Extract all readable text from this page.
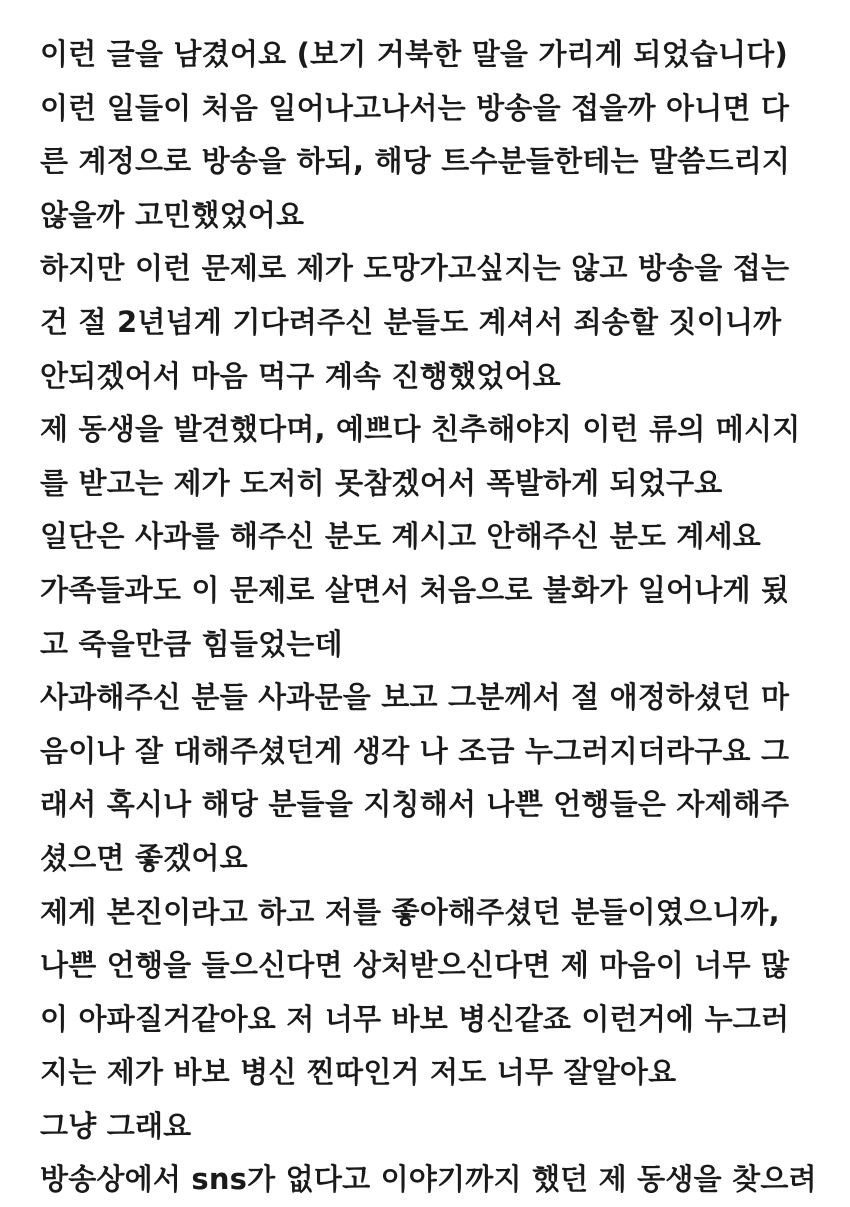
이런 글을 남겼어요 (보기 거북한 말을 가리게 되었습니다)
이런 일들이 처음 일어나고나서는 방송을 접을까 아니면 다
른 계정으로 방송을 하되, 해당 트수분들한테는 말씀드리지
않을까 고민했었어요
하지만 이런 문제로 제가 도망가고싶지는 않고 방송을 접는
건 절 2년넘게 기다려주신 분들도 계셔서 죄송할 짓이니까
안되겠어서 마음 먹구 계속 진행했었어요
제 동생을 발견했다며, 예쁘다 친추해야지 이런 류의 메시지
를 받고는 제가 도저히 못참겠어서 폭발하게 되었구요
일단은 사과를 해주신 분도 계시고 안해주신 분도 계세요
가족들과도 이 문제로 살면서 처음으로 불화가 일어나게 됬
고 죽을만큼 힘들었는데
사과해주신 분들 사과문을 보고 그분께서 절 애정하셨던 마
음이나 잘 대해주셨던게 생각 나 조금 누그러지더라구요 그
래서 혹시나 해당 분들을 지칭해서 나쁜 언행들은 자제해주
셨으면 좋겠어요
제게 본진이라고 하고 저를 좋아해주셨던 분들이였으니까,
나쁜 언행을 들으신다면 상처받으신다면 제 마음이 너무 많
이 아파질거같아요 저 너무 바보 병신같죠 이런거에 누그러
지는 제가 바보 병신 찐따인거 저도 너무 잘알아요
그냥 그래요
방송상에서 sns가 없다고 이야기까지 했던 제 동생을 찾으려
